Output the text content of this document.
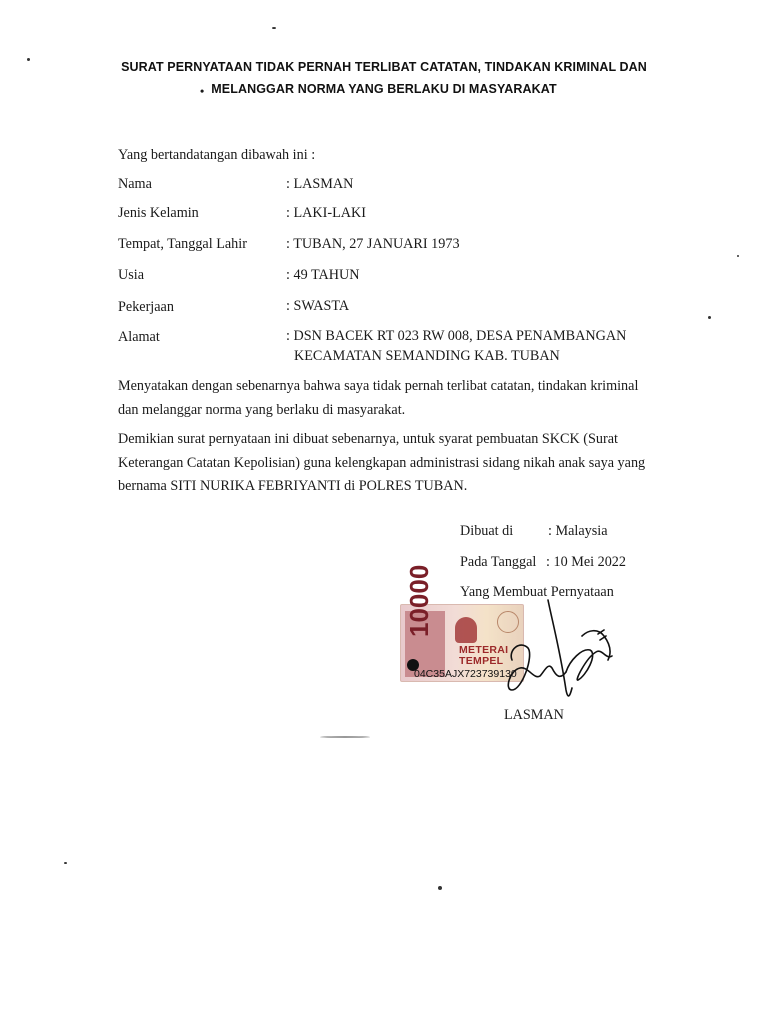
SURAT PERNYATAAN TIDAK PERNAH TERLIBAT CATATAN, TINDAKAN KRIMINAL DAN
• MELANGGAR NORMA YANG BERLAKU DI MASYARAKAT
Yang bertandatangan dibawah ini :
Nama	: LASMAN
Jenis Kelamin	: LAKI-LAKI
Tempat, Tanggal Lahir	: TUBAN, 27 JANUARI 1973
Usia	: 49 TAHUN
Pekerjaan	: SWASTA
Alamat	: DSN BACEK RT 023 RW 008, DESA PENAMBANGAN
KECAMATAN SEMANDING KAB. TUBAN
Menyatakan dengan sebenarnya bahwa saya tidak pernah terlibat catatan, tindakan kriminal
dan melanggar norma yang berlaku di masyarakat.
Demikian surat pernyataan ini dibuat sebenarnya, untuk syarat pembuatan SKCK (Surat
Keterangan Catatan Kepolisian) guna kelengkapan administrasi sidang nikah anak saya yang
bernama SITI NURIKA FEBRIYANTI di POLRES TUBAN.
Dibuat di : Malaysia
Pada Tanggal : 10 Mei 2022
Yang Membuat Pernyataan
10000
METERAI
TEMPEL
04C35AJX723739130
LASMAN
